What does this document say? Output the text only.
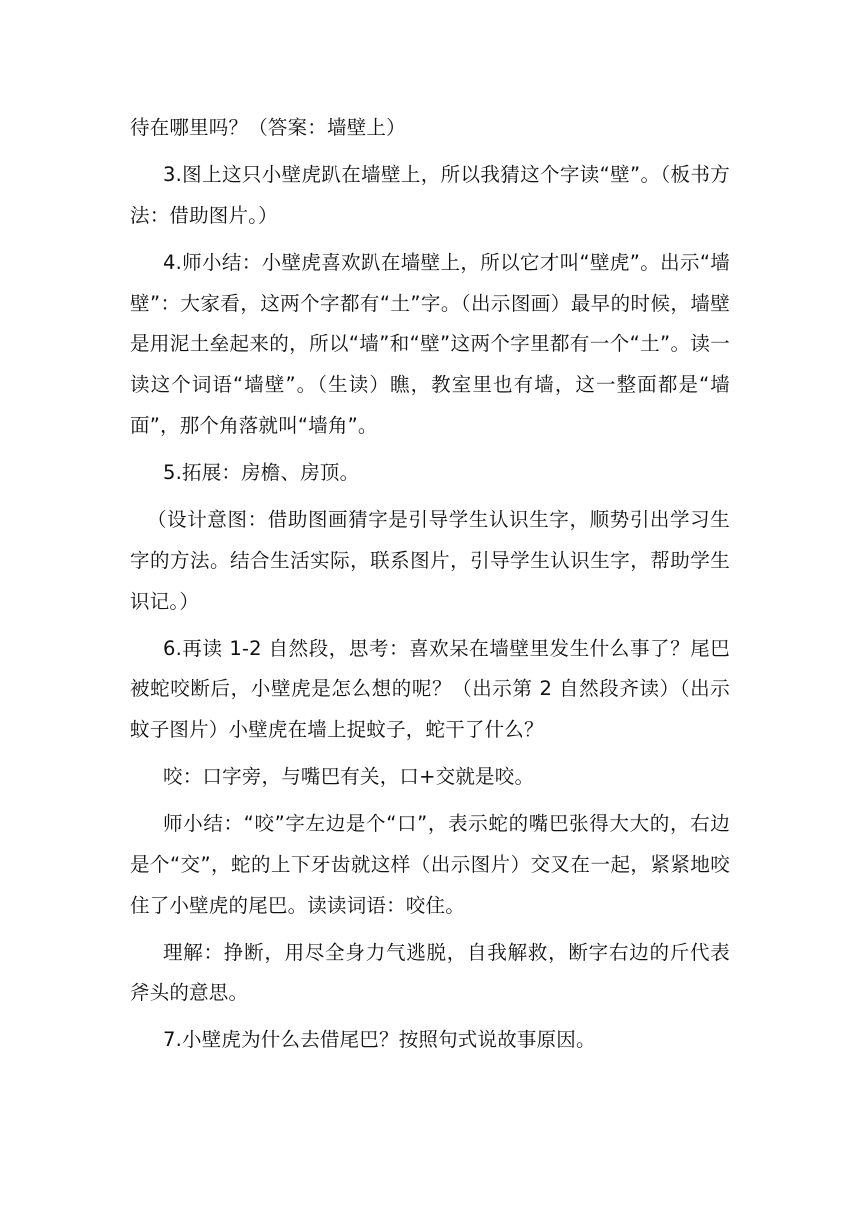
待在哪里吗？（答案：墙壁上）

3.图上这只小壁虎趴在墙壁上，所以我猜这个字读“壁”。（板书方法：借助图片。）

4.师小结：小壁虎喜欢趴在墙壁上，所以它才叫“壁虎”。出示“墙壁”：大家看，这两个字都有“土”字。（出示图画）最早的时候，墙壁是用泥土垒起来的，所以“墙”和“壁”这两个字里都有一个“土”。读一读这个词语“墙壁”。（生读）瞧，教室里也有墙，这一整面都是“墙面”，那个角落就叫“墙角”。

5.拓展：房檐、房顶。

（设计意图：借助图画猜字是引导学生认识生字，顺势引出学习生字的方法。结合生活实际，联系图片，引导学生认识生字，帮助学生识记。）

6.再读 1-2 自然段，思考：喜欢呆在墙壁里发生什么事了？尾巴被蛇咬断后，小壁虎是怎么想的呢？（出示第 2 自然段齐读）（出示蚊子图片）小壁虎在墙上捉蚊子，蛇干了什么？

咬：口字旁，与嘴巴有关，口+交就是咬。

师小结：“咬”字左边是个“口”，表示蛇的嘴巴张得大大的，右边是个“交”，蛇的上下牙齿就这样（出示图片）交叉在一起，紧紧地咬住了小壁虎的尾巴。读读词语：咬住。

理解：挣断，用尽全身力气逃脱，自我解救，断字右边的斤代表斧头的意思。

7.小壁虎为什么去借尾巴？按照句式说故事原因。
